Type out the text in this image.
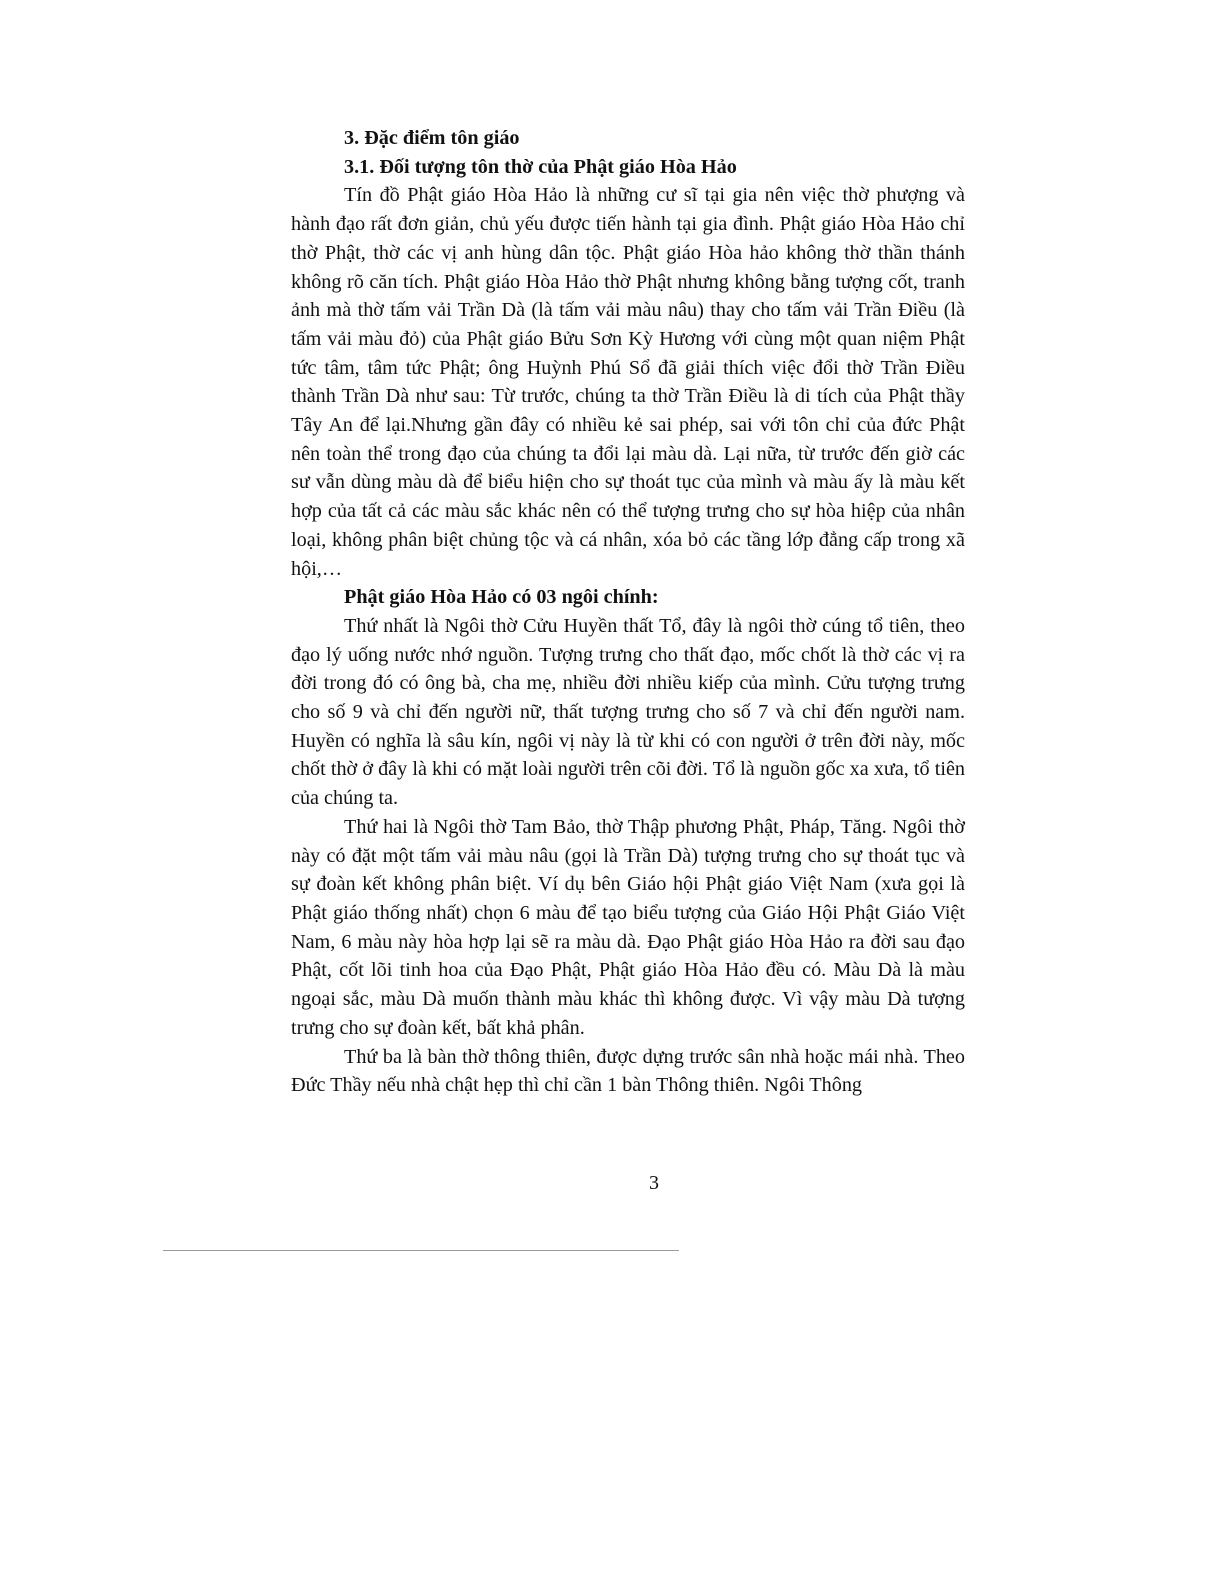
3. Đặc điểm tôn giáo

3.1. Đối tượng tôn thờ của Phật giáo Hòa Hảo

Tín đồ Phật giáo Hòa Hảo là những cư sĩ tại gia nên việc thờ phượng và hành đạo rất đơn giản, chủ yếu được tiến hành tại gia đình. Phật giáo Hòa Hảo chỉ thờ Phật, thờ các vị anh hùng dân tộc. Phật giáo Hòa hảo không thờ thần thánh không rõ căn tích. Phật giáo Hòa Hảo thờ Phật nhưng không bằng tượng cốt, tranh ảnh mà thờ tấm vải Trần Dà (là tấm vải màu nâu) thay cho tấm vải Trần Điều (là tấm vải màu đỏ) của Phật giáo Bửu Sơn Kỳ Hương với cùng một quan niệm Phật tức tâm, tâm tức Phật; ông Huỳnh Phú Sổ đã giải thích việc đổi thờ Trần Điều thành Trần Dà như sau: Từ trước, chúng ta thờ Trần Điều là di tích của Phật thầy Tây An để lại.Nhưng gần đây có nhiều kẻ sai phép, sai với tôn chỉ của đức Phật nên toàn thể trong đạo của chúng ta đổi lại màu dà. Lại nữa, từ trước đến giờ các sư vẫn dùng màu dà để biểu hiện cho sự thoát tục của mình và màu ấy là màu kết hợp của tất cả các màu sắc khác nên có thể tượng trưng cho sự hòa hiệp của nhân loại, không phân biệt chủng tộc và cá nhân, xóa bỏ các tầng lớp đẳng cấp trong xã hội,…

Phật giáo Hòa Hảo có 03 ngôi chính:

Thứ nhất là Ngôi thờ Cửu Huyền thất Tổ, đây là ngôi thờ cúng tổ tiên, theo đạo lý uống nước nhớ nguồn. Tượng trưng cho thất đạo, mốc chốt là thờ các vị ra đời trong đó có ông bà, cha mẹ, nhiều đời nhiều kiếp của mình. Cửu tượng trưng cho số 9 và chỉ đến người nữ, thất tượng trưng cho số 7 và chỉ đến người nam. Huyền có nghĩa là sâu kín, ngôi vị này là từ khi có con người ở trên đời này, mốc chốt thờ ở đây là khi có mặt loài người trên cõi đời. Tổ là nguồn gốc xa xưa, tổ tiên của chúng ta.

Thứ hai là Ngôi thờ Tam Bảo, thờ Thập phương Phật, Pháp, Tăng. Ngôi thờ này có đặt một tấm vải màu nâu (gọi là Trần Dà) tượng trưng cho sự thoát tục và sự đoàn kết không phân biệt. Ví dụ bên Giáo hội Phật giáo Việt Nam (xưa gọi là Phật giáo thống nhất) chọn 6 màu để tạo biểu tượng của Giáo Hội Phật Giáo Việt Nam, 6 màu này hòa hợp lại sẽ ra màu dà. Đạo Phật giáo Hòa Hảo ra đời sau đạo Phật, cốt lõi tinh hoa của Đạo Phật, Phật giáo Hòa Hảo đều có. Màu Dà là màu ngoại sắc, màu Dà muốn thành màu khác thì không được. Vì vậy màu Dà tượng trưng cho sự đoàn kết, bất khả phân.

Thứ ba là bàn thờ thông thiên, được dựng trước sân nhà hoặc mái nhà. Theo Đức Thầy nếu nhà chật hẹp thì chỉ cần 1 bàn Thông thiên. Ngôi Thông

3
